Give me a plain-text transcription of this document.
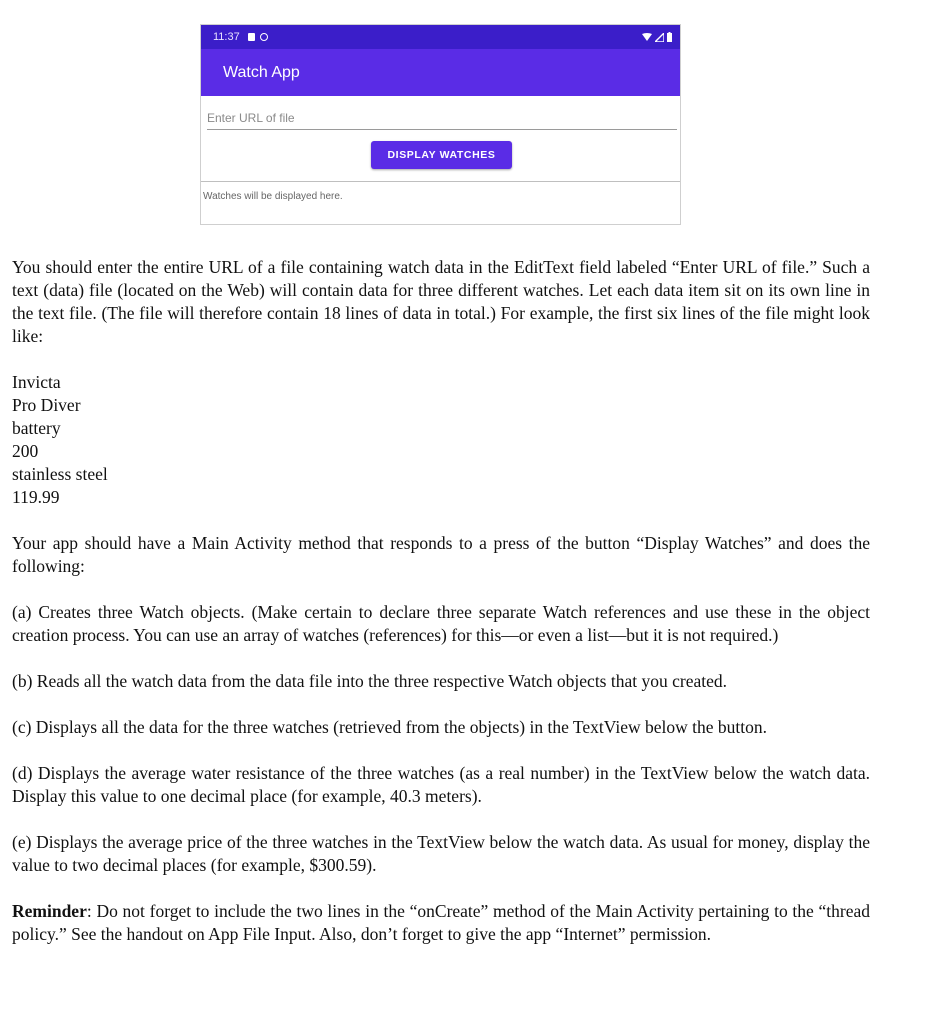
11:37
Watch App
Enter URL of file
DISPLAY WATCHES
Watches will be displayed here.

You should enter the entire URL of a file containing watch data in the EditText field labeled “Enter URL of file.” Such a text (data) file (located on the Web) will contain data for three different watches. Let each data item sit on its own line in the text file. (The file will therefore contain 18 lines of data in total.) For example, the first six lines of the file might look like:

Invicta
Pro Diver
battery
200
stainless steel
119.99

Your app should have a Main Activity method that responds to a press of the button “Display Watches” and does the following:

(a) Creates three Watch objects. (Make certain to declare three separate Watch references and use these in the object creation process. You can use an array of watches (references) for this—or even a list—but it is not required.)

(b) Reads all the watch data from the data file into the three respective Watch objects that you created.

(c) Displays all the data for the three watches (retrieved from the objects) in the TextView below the button.

(d) Displays the average water resistance of the three watches (as a real number) in the TextView below the watch data. Display this value to one decimal place (for example, 40.3 meters).

(e) Displays the average price of the three watches in the TextView below the watch data. As usual for money, display the value to two decimal places (for example, $300.59).

Reminder: Do not forget to include the two lines in the “onCreate” method of the Main Activity pertaining to the “thread policy.” See the handout on App File Input. Also, don’t forget to give the app “Internet” permission.
